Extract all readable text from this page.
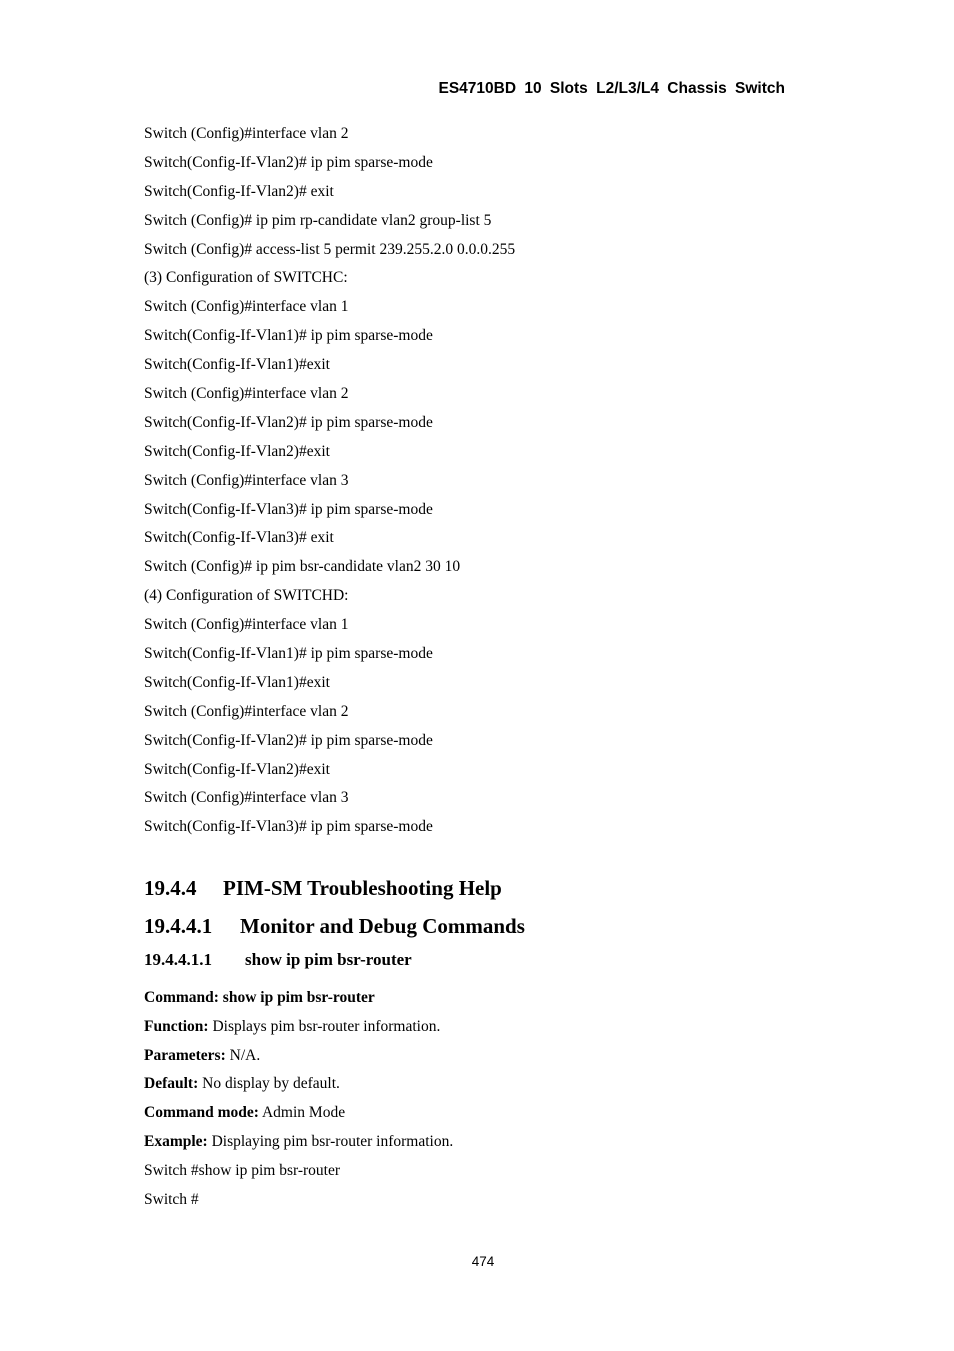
ES4710BD 10 Slots L2/L3/L4 Chassis Switch
Switch (Config)#interface vlan 2
Switch(Config-If-Vlan2)# ip pim sparse-mode
Switch(Config-If-Vlan2)# exit
Switch (Config)# ip pim rp-candidate vlan2 group-list 5
Switch (Config)# access-list 5 permit 239.255.2.0 0.0.0.255
(3) Configuration of SWITCHC:
Switch (Config)#interface vlan 1
Switch(Config-If-Vlan1)# ip pim sparse-mode
Switch(Config-If-Vlan1)#exit
Switch (Config)#interface vlan 2
Switch(Config-If-Vlan2)# ip pim sparse-mode
Switch(Config-If-Vlan2)#exit
Switch (Config)#interface vlan 3
Switch(Config-If-Vlan3)# ip pim sparse-mode
Switch(Config-If-Vlan3)# exit
Switch (Config)# ip pim bsr-candidate vlan2 30 10
(4) Configuration of SWITCHD:
Switch (Config)#interface vlan 1
Switch(Config-If-Vlan1)# ip pim sparse-mode
Switch(Config-If-Vlan1)#exit
Switch (Config)#interface vlan 2
Switch(Config-If-Vlan2)# ip pim sparse-mode
Switch(Config-If-Vlan2)#exit
Switch (Config)#interface vlan 3
Switch(Config-If-Vlan3)# ip pim sparse-mode
19.4.4 PIM-SM Troubleshooting Help
19.4.4.1 Monitor and Debug Commands
19.4.4.1.1 show ip pim bsr-router
Command: show ip pim bsr-router
Function: Displays pim bsr-router information.
Parameters: N/A.
Default: No display by default.
Command mode: Admin Mode
Example: Displaying pim bsr-router information.
Switch #show ip pim bsr-router
Switch #
474
